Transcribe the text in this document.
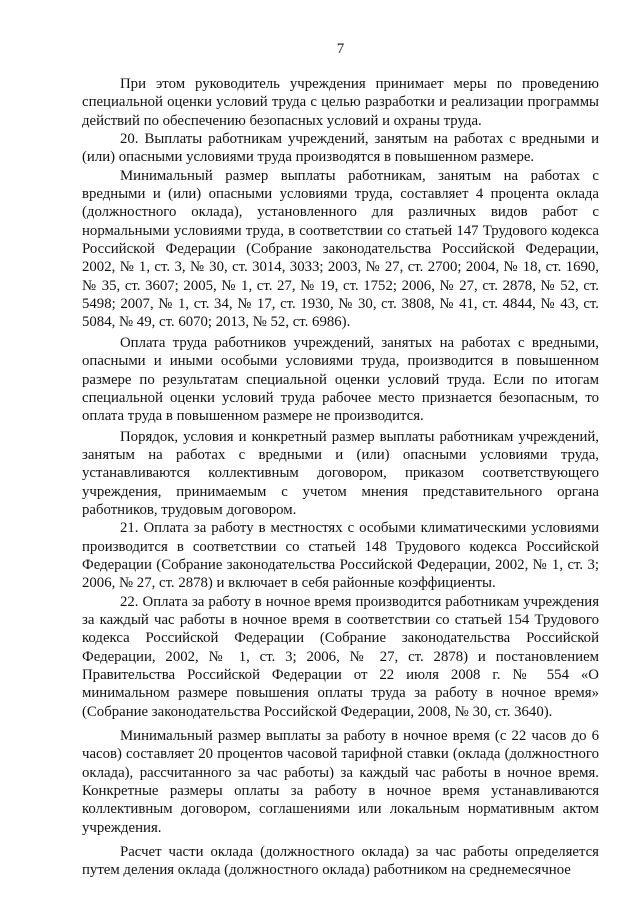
7

При этом руководитель учреждения принимает меры по проведению специальной оценки условий труда с целью разработки и реализации программы действий по обеспечению безопасных условий и охраны труда.

20. Выплаты работникам учреждений, занятым на работах с вредными и (или) опасными условиями труда производятся в повышенном размере.

Минимальный размер выплаты работникам, занятым на работах с вредными и (или) опасными условиями труда, составляет 4 процента оклада (должностного оклада), установленного для различных видов работ с нормальными условиями труда, в соответствии со статьей 147 Трудового кодекса Российской Федерации (Собрание законодательства Российской Федерации, 2002, № 1, ст. 3, № 30, ст. 3014, 3033; 2003, № 27, ст. 2700; 2004, № 18, ст. 1690, № 35, ст. 3607; 2005, № 1, ст. 27, № 19, ст. 1752; 2006, № 27, ст. 2878, № 52, ст. 5498; 2007, № 1, ст. 34, № 17, ст. 1930, № 30, ст. 3808, № 41, ст. 4844, № 43, ст. 5084, № 49, ст. 6070; 2013, № 52, ст. 6986).

Оплата труда работников учреждений, занятых на работах с вредными, опасными и иными особыми условиями труда, производится в повышенном размере по результатам специальной оценки условий труда. Если по итогам специальной оценки условий труда рабочее место признается безопасным, то оплата труда в повышенном размере не производится.

Порядок, условия и конкретный размер выплаты работникам учреждений, занятым на работах с вредными и (или) опасными условиями труда, устанавливаются коллективным договором, приказом соответствующего учреждения, принимаемым с учетом мнения представительного органа работников, трудовым договором.

21. Оплата за работу в местностях с особыми климатическими условиями производится в соответствии со статьей 148 Трудового кодекса Российской Федерации (Собрание законодательства Российской Федерации, 2002, № 1, ст. 3; 2006, № 27, ст. 2878) и включает в себя районные коэффициенты.

22. Оплата за работу в ночное время производится работникам учреждения за каждый час работы в ночное время в соответствии со статьей 154 Трудового кодекса Российской Федерации (Собрание законодательства Российской Федерации, 2002, № 1, ст. 3; 2006, № 27, ст. 2878) и постановлением Правительства Российской Федерации от 22 июля 2008 г. № 554 «О минимальном размере повышения оплаты труда за работу в ночное время» (Собрание законодательства Российской Федерации, 2008, № 30, ст. 3640).

Минимальный размер выплаты за работу в ночное время (с 22 часов до 6 часов) составляет 20 процентов часовой тарифной ставки (оклада (должностного оклада), рассчитанного за час работы) за каждый час работы в ночное время. Конкретные размеры оплаты за работу в ночное время устанавливаются коллективным договором, соглашениями или локальным нормативным актом учреждения.

Расчет части оклада (должностного оклада) за час работы определяется путем деления оклада (должностного оклада) работником на среднемесячное
